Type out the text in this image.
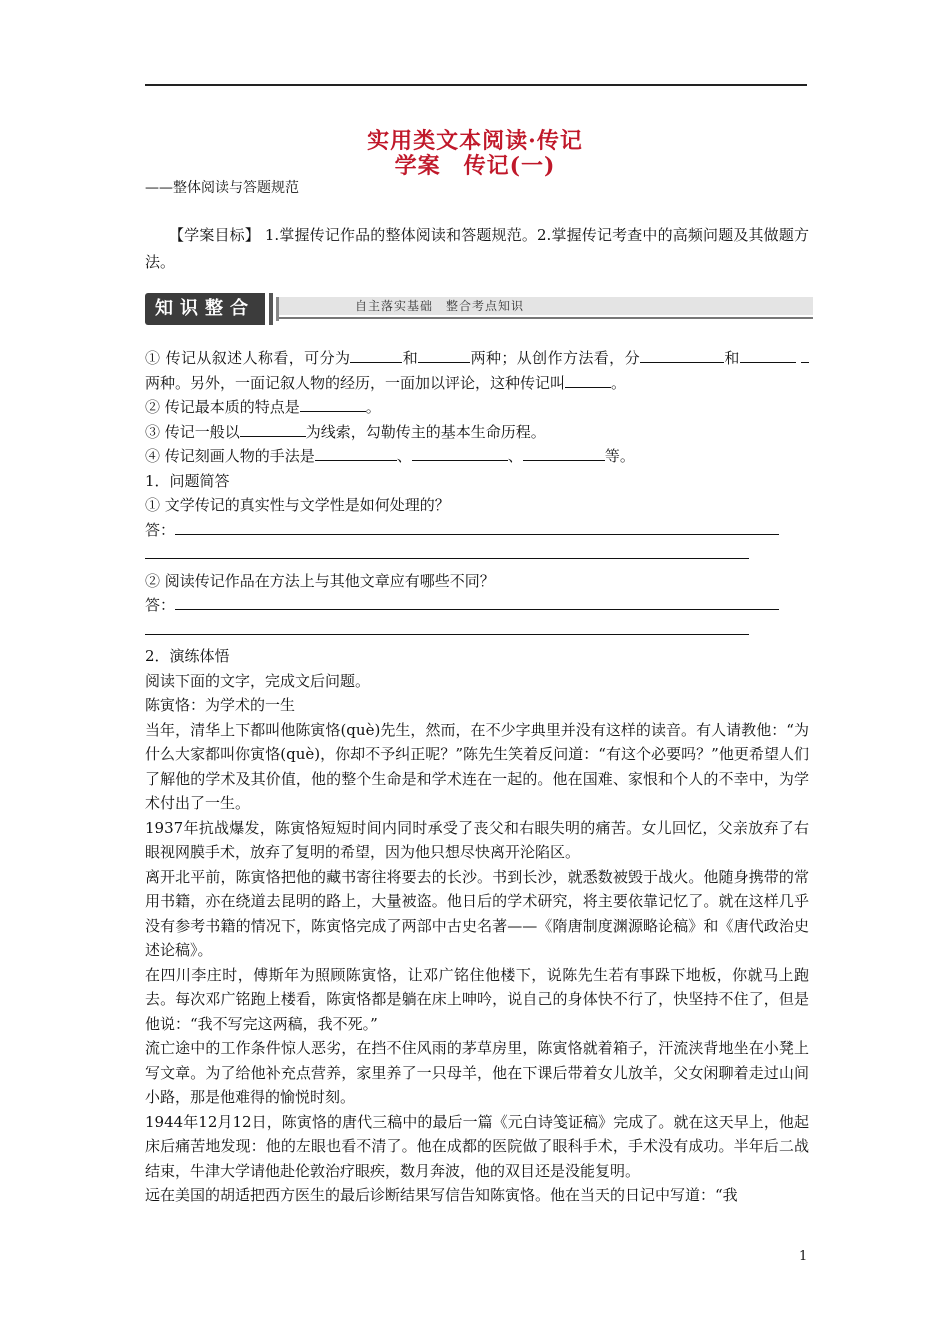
实用类文本阅读·传记
学案　传记(一)
——整体阅读与答题规范
【学案目标】 1.掌握传记作品的整体阅读和答题规范。2.掌握传记考查中的高频问题及其做题方法。
知识整合	自主落实基础　整合考点知识

① 传记从叙述人称看，可分为	和	两种；从创作方法看，分	和 两种。另外，一面记叙人物的经历，一面加以评论，这种传记叫	。

② 传记最本质的特点是	。

③ 传记一般以	为线索，勾勒传主的基本生命历程。

④ 传记刻画人物的手法是	、	、	等。

1．问题简答

① 文学传记的真实性与文学性是如何处理的？

答：

② 阅读传记作品在方法上与其他文章应有哪些不同？

答：

2．演练体悟

阅读下面的文字，完成文后问题。

陈寅恪：为学术的一生

当年，清华上下都叫他陈寅恪(què)先生，然而，在不少字典里并没有这样的读音。有人请教他：“为什么大家都叫你寅恪(què)，你却不予纠正呢？”陈先生笑着反问道：“有这个必要吗？”他更希望人们了解他的学术及其价值，他的整个生命是和学术连在一起的。他在国难、家恨和个人的不幸中，为学术付出了一生。

1937年抗战爆发，陈寅恪短短时间内同时承受了丧父和右眼失明的痛苦。女儿回忆，父亲放弃了右眼视网膜手术，放弃了复明的希望，因为他只想尽快离开沦陷区。

离开北平前，陈寅恪把他的藏书寄往将要去的长沙。书到长沙，就悉数被毁于战火。他随身携带的常用书籍，亦在绕道去昆明的路上，大量被盗。他日后的学术研究，将主要依靠记忆了。就在这样几乎没有参考书籍的情况下，陈寅恪完成了两部中古史名著——《隋唐制度渊源略论稿》和《唐代政治史述论稿》。

在四川李庄时，傅斯年为照顾陈寅恪，让邓广铭住他楼下，说陈先生若有事跺下地板，你就马上跑去。每次邓广铭跑上楼看，陈寅恪都是躺在床上呻吟，说自己的身体快不行了，快坚持不住了，但是他说：“我不写完这两稿，我不死。”

流亡途中的工作条件惊人恶劣，在挡不住风雨的茅草房里，陈寅恪就着箱子，汗流浃背地坐在小凳上写文章。为了给他补充点营养，家里养了一只母羊，他在下课后带着女儿放羊，父女闲聊着走过山间小路，那是他难得的愉悦时刻。

1944年12月12日，陈寅恪的唐代三稿中的最后一篇《元白诗笺证稿》完成了。就在这天早上，他起床后痛苦地发现：他的左眼也看不清了。他在成都的医院做了眼科手术，手术没有成功。半年后二战结束，牛津大学请他赴伦敦治疗眼疾，数月奔波，他的双目还是没能复明。

远在美国的胡适把西方医生的最后诊断结果写信告知陈寅恪。他在当天的日记中写道：“我

1
